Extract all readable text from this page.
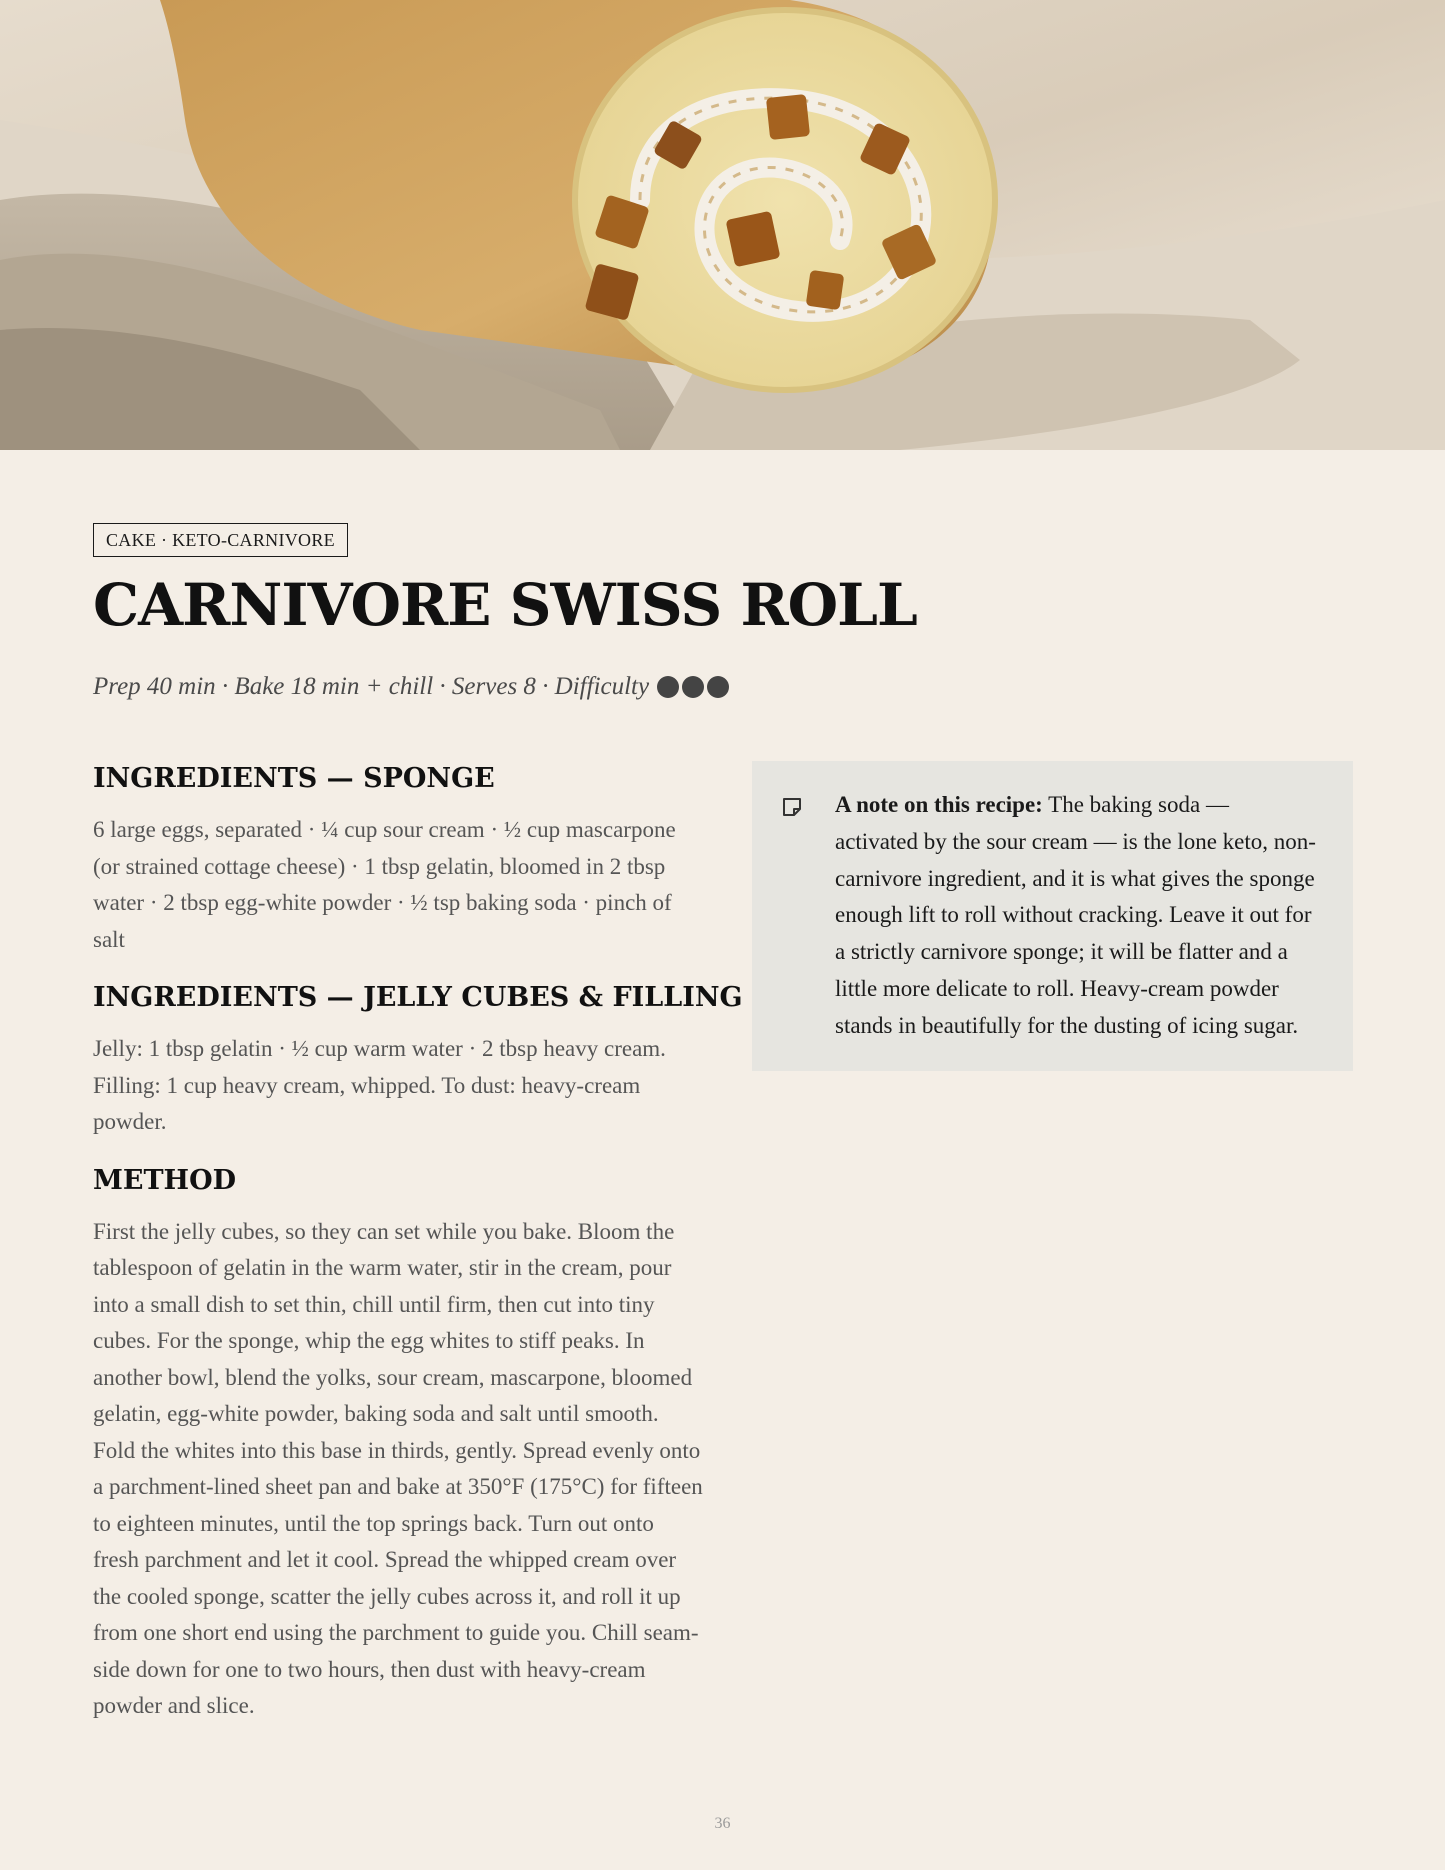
CAKE · KETO-CARNIVORE
CARNIVORE SWISS ROLL
Prep 40 min · Bake 18 min + chill · Serves 8 · Difficulty
INGREDIENTS — SPONGE

6 large eggs, separated · ¼ cup sour cream · ½ cup mascarpone (or strained cottage cheese) · 1 tbsp gelatin, bloomed in 2 tbsp water · 2 tbsp egg-white powder · ½ tsp baking soda · pinch of salt

INGREDIENTS — JELLY CUBES & FILLING

Jelly: 1 tbsp gelatin · ½ cup warm water · 2 tbsp heavy cream. Filling: 1 cup heavy cream, whipped. To dust: heavy-cream powder.

METHOD

First the jelly cubes, so they can set while you bake. Bloom the tablespoon of gelatin in the warm water, stir in the cream, pour into a small dish to set thin, chill until firm, then cut into tiny cubes. For the sponge, whip the egg whites to stiff peaks. In another bowl, blend the yolks, sour cream, mascarpone, bloomed gelatin, egg-white powder, baking soda and salt until smooth. Fold the whites into this base in thirds, gently. Spread evenly onto a parchment-lined sheet pan and bake at 350°F (175°C) for fifteen to eighteen minutes, until the top springs back. Turn out onto fresh parchment and let it cool. Spread the whipped cream over the cooled sponge, scatter the jelly cubes across it, and roll it up from one short end using the parchment to guide you. Chill seam-side down for one to two hours, then dust with heavy-cream powder and slice.

A note on this recipe: The baking soda — activated by the sour cream — is the lone keto, non-carnivore ingredient, and it is what gives the sponge enough lift to roll without cracking. Leave it out for a strictly carnivore sponge; it will be flatter and a little more delicate to roll. Heavy-cream powder stands in beautifully for the dusting of icing sugar.

36
